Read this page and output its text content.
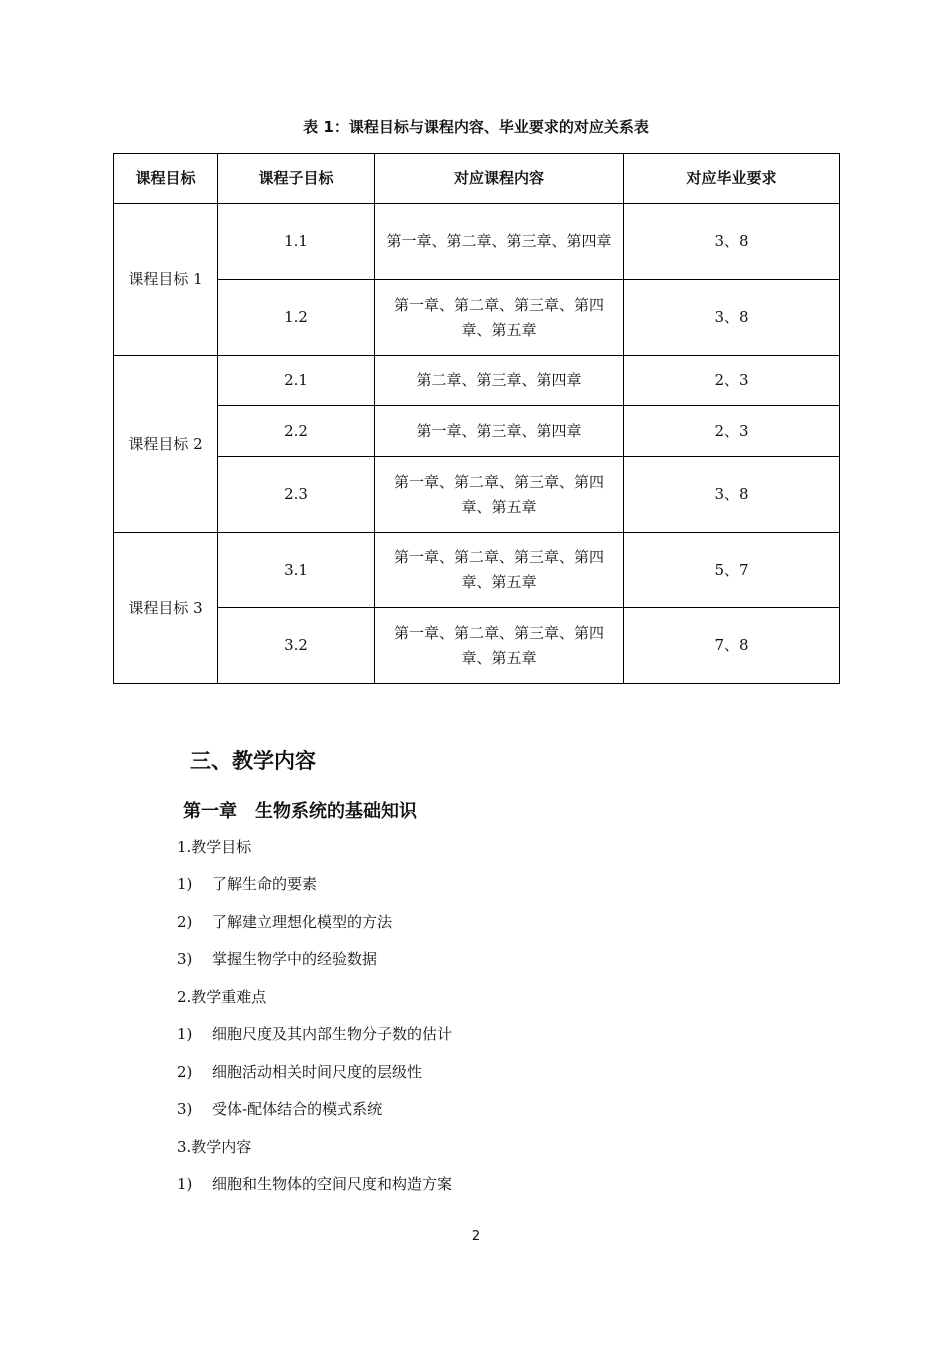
表 1：课程目标与课程内容、毕业要求的对应关系表
课程目标	课程子目标	对应课程内容	对应毕业要求
课程目标 1	1.1	第一章、第二章、第三章、第四章	3、8
	1.2	第一章、第二章、第三章、第四章、第五章	3、8
课程目标 2	2.1	第二章、第三章、第四章	2、3
	2.2	第一章、第三章、第四章	2、3
	2.3	第一章、第二章、第三章、第四章、第五章	3、8
课程目标 3	3.1	第一章、第二章、第三章、第四章、第五章	5、7
	3.2	第一章、第二章、第三章、第四章、第五章	7、8
三、教学内容
第一章　生物系统的基础知识
1.教学目标
1) 了解生命的要素
2) 了解建立理想化模型的方法
3) 掌握生物学中的经验数据
2.教学重难点
1) 细胞尺度及其内部生物分子数的估计
2) 细胞活动相关时间尺度的层级性
3) 受体-配体结合的模式系统
3.教学内容
1) 细胞和生物体的空间尺度和构造方案
2
